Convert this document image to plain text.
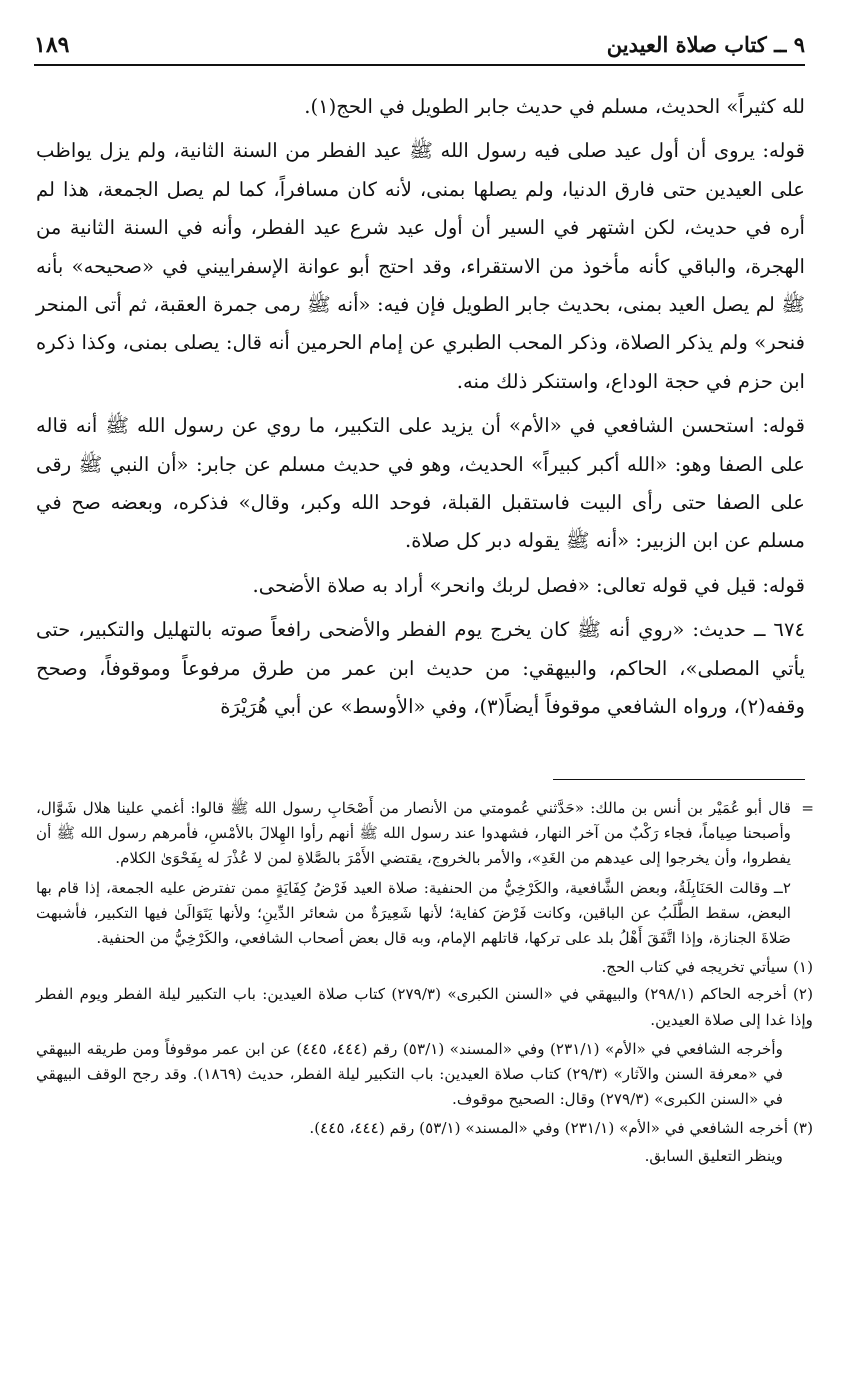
٩ ــ كتاب صلاة العيدين
١٨٩

لله كثيراً» الحديث، مسلم في حديث جابر الطويل في الحج(١).

قوله: يروى أن أول عيد صلى فيه رسول الله ﷺ عيد الفطر من السنة الثانية، ولم يزل يواظب على العيدين حتى فارق الدنيا، ولم يصلها بمنى، لأنه كان مسافراً، كما لم يصل الجمعة، هذا لم أره في حديث، لكن اشتهر في السير أن أول عيد شرع عيد الفطر، وأنه في السنة الثانية من الهجرة، والباقي كأنه مأخوذ من الاستقراء، وقد احتج أبو عوانة الإسفراييني في «صحيحه» بأنه ﷺ لم يصل العيد بمنى، بحديث جابر الطويل فإن فيه: «أنه ﷺ رمى جمرة العقبة، ثم أتى المنحر فنحر» ولم يذكر الصلاة، وذكر المحب الطبري عن إمام الحرمين أنه قال: يصلى بمنى، وكذا ذكره ابن حزم في حجة الوداع، واستنكر ذلك منه.

قوله: استحسن الشافعي في «الأم» أن يزيد على التكبير، ما روي عن رسول الله ﷺ أنه قاله على الصفا وهو: «الله أكبر كبيراً» الحديث، وهو في حديث مسلم عن جابر: «أن النبي ﷺ رقى على الصفا حتى رأى البيت فاستقبل القبلة، فوحد الله وكبر، وقال» فذكره، وبعضه صح في مسلم عن ابن الزبير: «أنه ﷺ يقوله دبر كل صلاة.

قوله: قيل في قوله تعالى: «فصل لربك وانحر» أراد به صلاة الأضحى.

٦٧٤ ــ حديث: «روي أنه ﷺ كان يخرج يوم الفطر والأضحى رافعاً صوته بالتهليل والتكبير، حتى يأتي المصلى»، الحاكم، والبيهقي: من حديث ابن عمر من طرق مرفوعاً وموقوفاً، وصحح وقفه(٢)، ورواه الشافعي موقوفاً أيضاً(٣)، وفي «الأوسط» عن أبي هُرَيْرَة

=
قال أبو عُمَيْر بن أنس بن مالك: «حَدَّثني عُمومتي من الأنصار من أَصْحَابِ رسول الله ﷺ قالوا: أغمي علينا هلال شَوَّال، وأصبحنا صِياماً، فجاء رَكْبٌ من آخر النهار، فشهدوا عند رسول الله ﷺ أنهم رأوا الهِلالَ بالأمْسِ، فأمرهم رسول الله ﷺ أن يفطروا، وأن يخرجوا إلى عيدهم من الغَدِ»، والأمر بالخروج، يقتضي الأَمْرَ بالصَّلاةِ لمن لا عُذْرَ له بِفَحْوَىٰ الكلام.
٢ــ وقالت الحَنَابِلَةُ، وبعض الشَّافعية، والكَرْخِيُّ من الحنفية: صلاة العيد فَرْضُ كِفَايَةٍ ممن تفترض عليه الجمعة، إذا قام بها البعض، سقط الطَّلَبُ عن الباقين، وكانت فَرْضَ كفاية؛ لأنها شَعِيرَةٌ من شعائر الدِّينِ؛ ولأنها يَتَوَالَىٰ فيها التكبير، فأشبهت صَلاةَ الجنازة، وإذا اتَّفَقَ أَهْلُ بلد على تركها، قاتلهم الإمام، وبه قال بعض أصحاب الشافعي، والكَرْخِيُّ من الحنفية.
(١) سيأتي تخريجه في كتاب الحج.
(٢) أخرجه الحاكم (٢٩٨/١) والبيهقي في «السنن الكبرى» (٢٧٩/٣) كتاب صلاة العيدين: باب التكبير ليلة الفطر ويوم الفطر وإذا غدا إلى صلاة العيدين.
وأخرجه الشافعي في «الأم» (٢٣١/١) وفي «المسند» (٥٣/١) رقم (٤٤٤، ٤٤٥) عن ابن عمر موقوفاً ومن طريقه البيهقي في «معرفة السنن والآثار» (٢٩/٣) كتاب صلاة العيدين: باب التكبير ليلة الفطر، حديث (١٨٦٩). وقد رجح الوقف البيهقي في «السنن الكبرى» (٢٧٩/٣) وقال: الصحيح موقوف.
(٣) أخرجه الشافعي في «الأم» (٢٣١/١) وفي «المسند» (٥٣/١) رقم (٤٤٤، ٤٤٥).
وينظر التعليق السابق.
